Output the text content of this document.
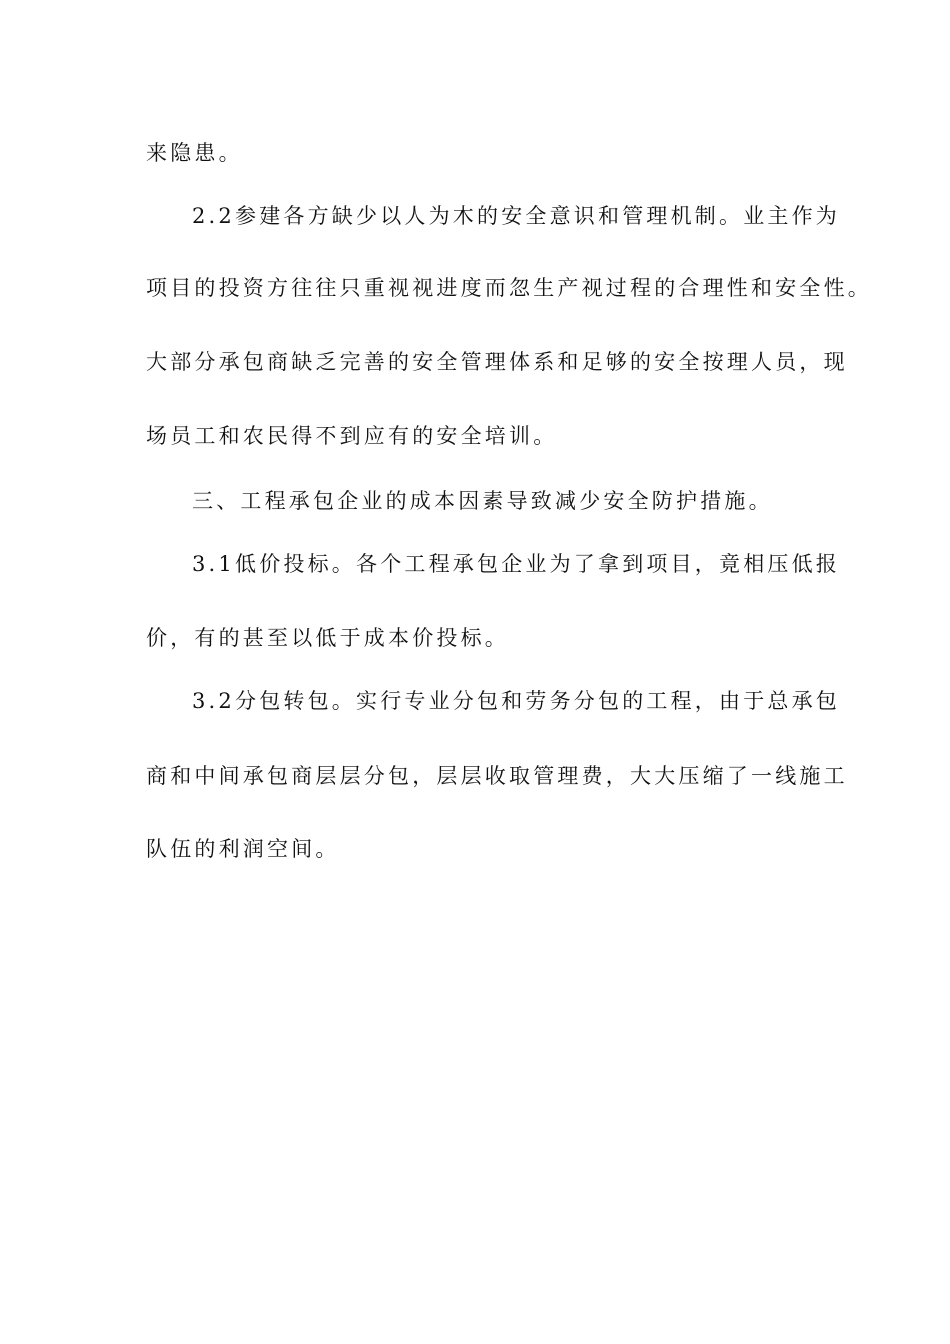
来隐患。
2.2参建各方缺少以人为木的安全意识和管理机制。业主作为
项目的投资方往往只重视视进度而忽生产视过程的合理性和安全性。
大部分承包商缺乏完善的安全管理体系和足够的安全按理人员，现
场员工和农民得不到应有的安全培训。
三、工程承包企业的成本因素导致减少安全防护措施。
3.1低价投标。各个工程承包企业为了拿到项目，竟相压低报
价，有的甚至以低于成本价投标。
3.2分包转包。实行专业分包和劳务分包的工程，由于总承包
商和中间承包商层层分包，层层收取管理费，大大压缩了一线施工
队伍的利润空间。
